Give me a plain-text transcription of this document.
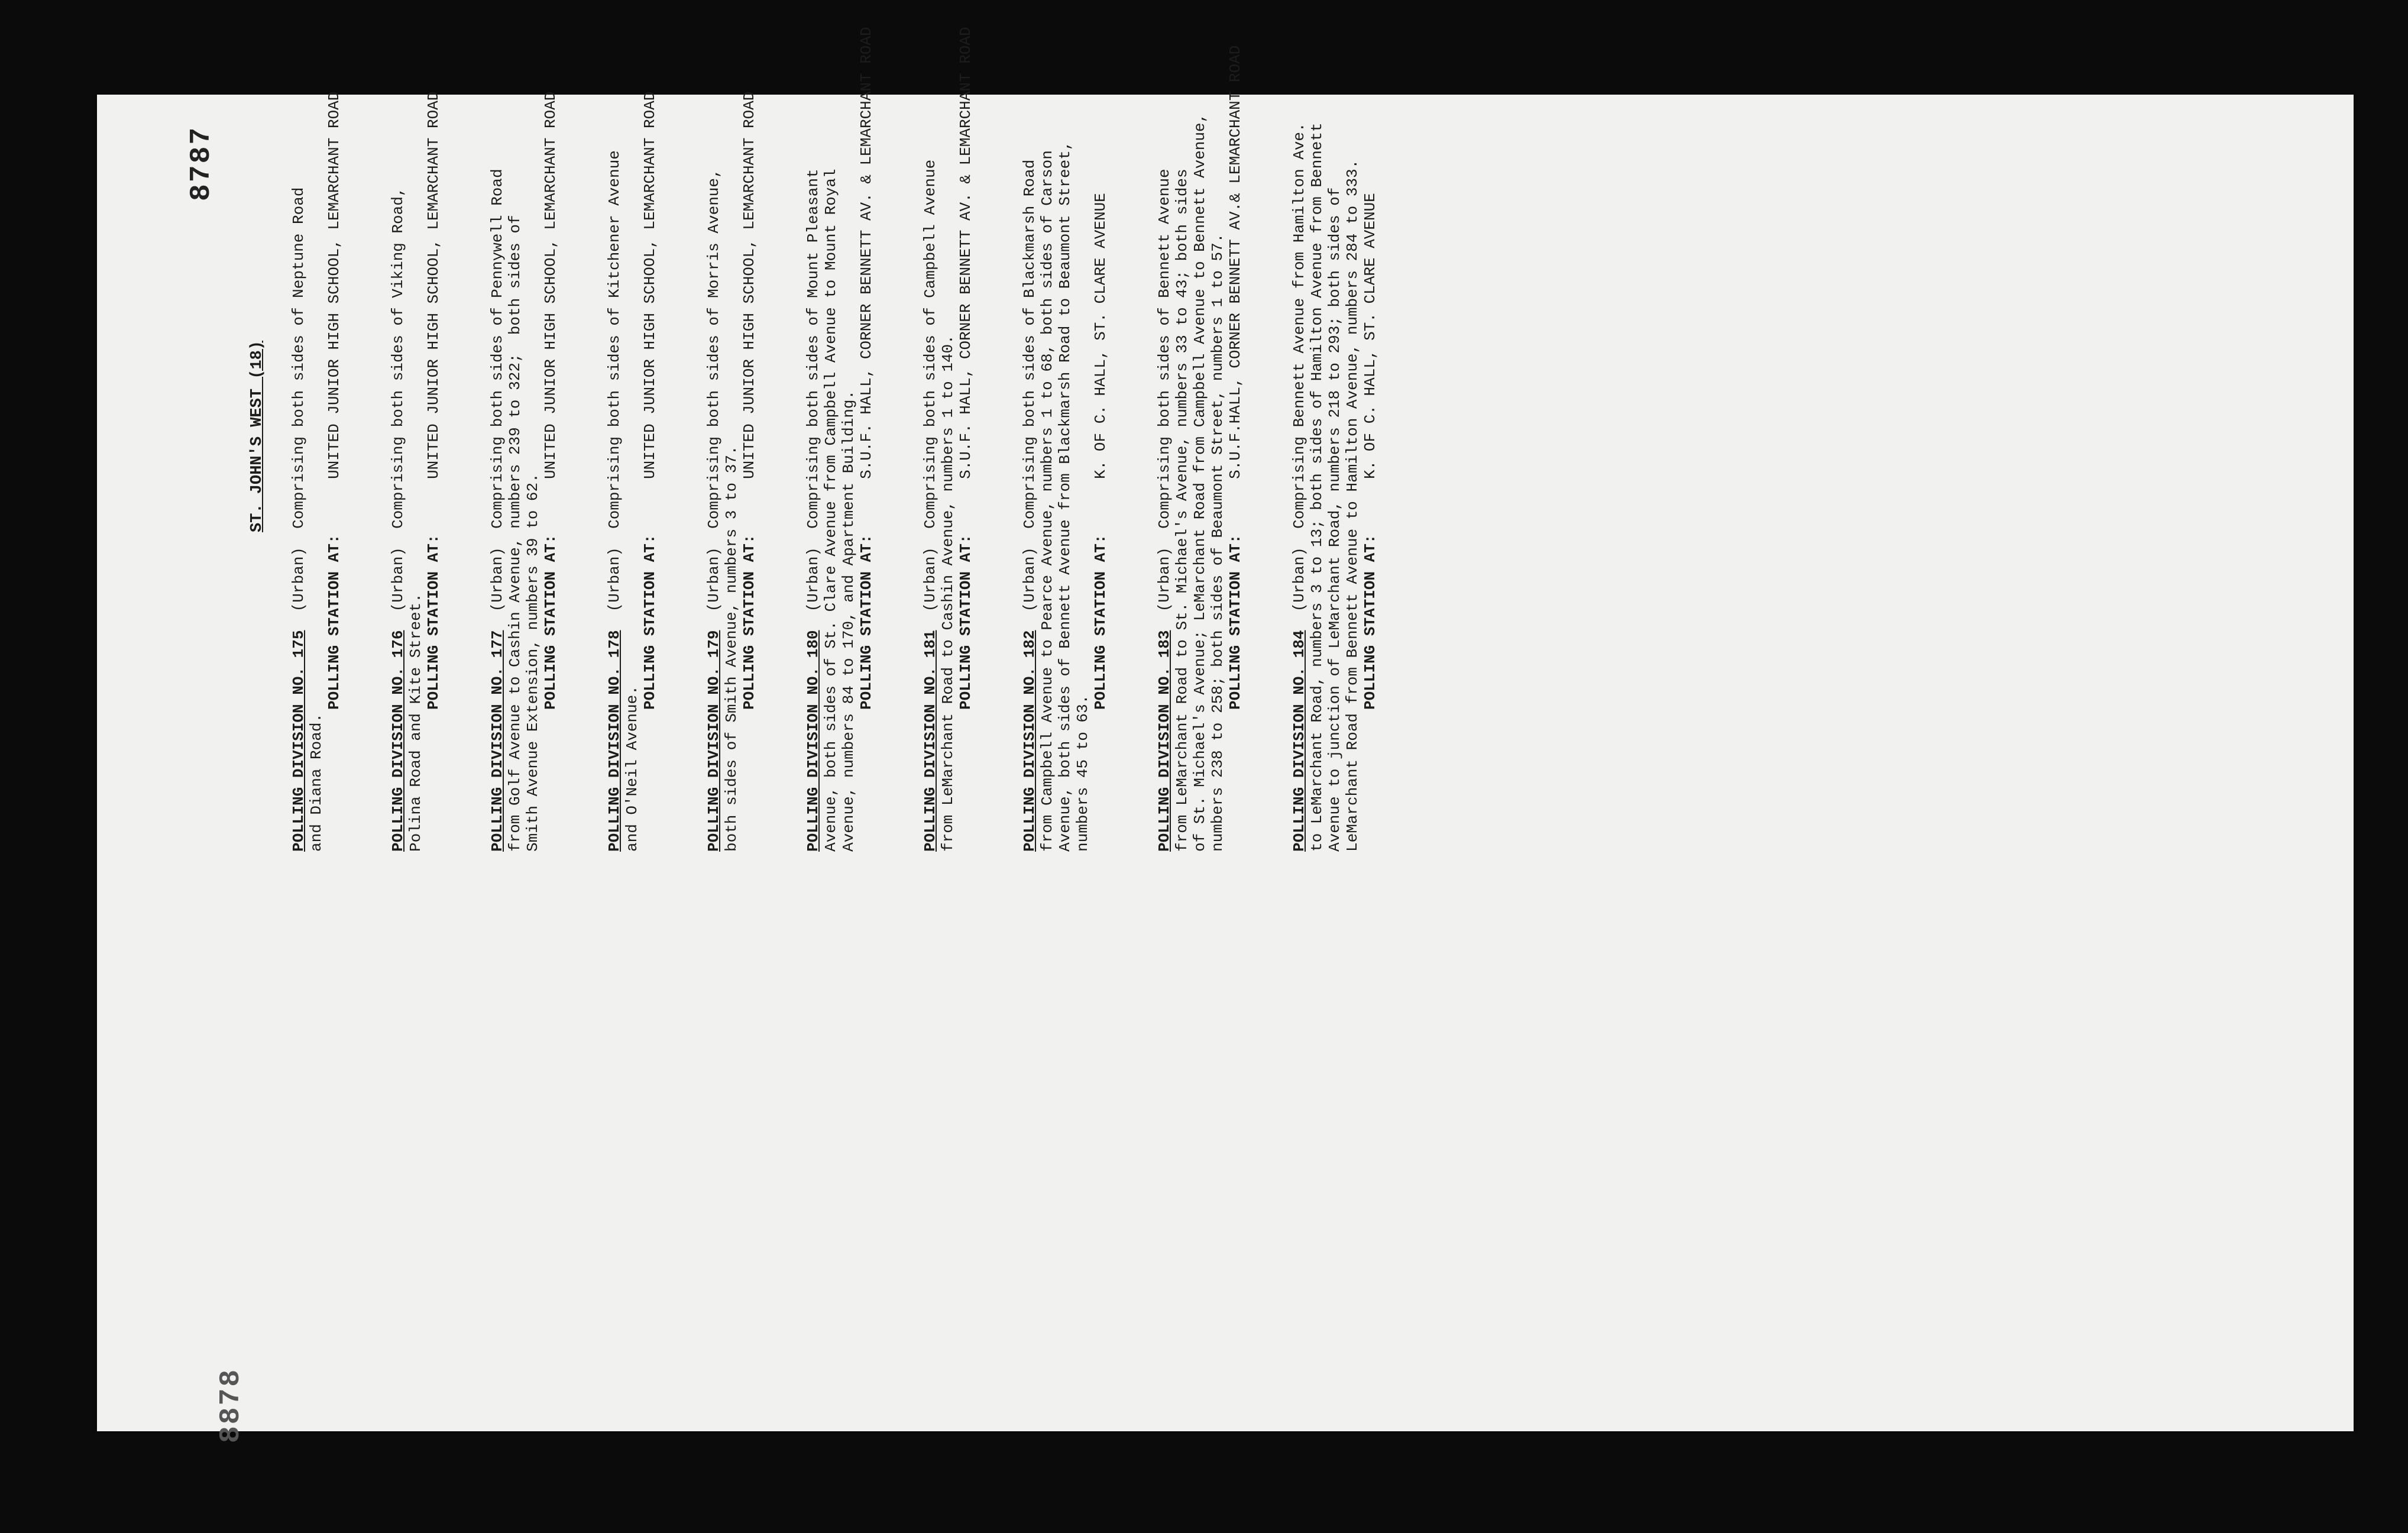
8787
8878
ST. JOHN'S WEST (18)

POLLING DIVISION NO. 175  (Urban)  Comprising both sides of Neptune Road

and Diana Road.

POLLING STATION AT:      UNITED JUNIOR HIGH SCHOOL, LEMARCHANT ROAD

POLLING DIVISION NO. 176  (Urban)  Comprising both sides of Viking Road,

Polina Road and Kite Street. POLLING STATION AT:      UNITED JUNIOR HIGH SCHOOL, LEMARCHANT ROAD

POLLING DIVISION NO. 177  (Urban)  Comprising both sides of Pennywell Road from Golf Avenue to Cashin Avenue, numbers 239 to 322;  both sides of Smith Avenue Extension, numbers 39 to 62. POLLING STATION AT:      UNITED JUNIOR HIGH SCHOOL, LEMARCHANT ROAD

POLLING DIVISION NO. 178  (Urban)  Comprising both sides of Kitchener Avenue

and O'Neil Avenue.

POLLING STATION AT:      UNITED JUNIOR HIGH SCHOOL, LEMARCHANT ROAD

POLLING DIVISION NO. 179  (Urban)  Comprising both sides of Morris Avenue,

both sides of Smith Avenue, numbers 3 to 37. POLLING STATION AT:      UNITED JUNIOR HIGH SCHOOL, LEMARCHANT ROAD

POLLING DIVISION NO. 180  (Urban)  Comprising both sides of Mount Pleasant Avenue, both sides of St. Clare Avenue from Campbell Avenue to Mount Royal Avenue, numbers 84 to 170, and Apartment Building. POLLING STATION AT:      S.U.F. HALL, CORNER BENNETT AV. & LEMARCHANT ROAD

POLLING DIVISION NO. 181  (Urban)  Comprising both sides of Campbell Avenue from LeMarchant Road to Cashin Avenue, numbers 1 to 140. POLLING STATION AT:      S.U.F. HALL, CORNER BENNETT AV. & LEMARCHANT ROAD

POLLING DIVISION NO. 182  (Urban)  Comprising both sides of Blackmarsh Road from Campbell Avenue to Pearce Avenue, numbers 1 to 68, both sides of Carson Avenue, both sides of Bennett Avenue from Blackmarsh Road to Beaumont Street, numbers 45 to 63.

POLLING STATION AT:      K. OF C. HALL, ST. CLARE AVENUE

POLLING DIVISION NO. 183  (Urban)  Comprising both sides of Bennett Avenue from LeMarchant Road to St. Michael's Avenue, numbers 33 to 43; both sides of St. Michael's Avenue; LeMarchant Road from Campbell Avenue to Bennett Avenue, numbers 238 to 258; both sides of Beaumont Street, numbers 1 to 57. POLLING STATION AT:      S.U.F.HALL, CORNER BENNETT AV.& LEMARCHANT ROAD

POLLING DIVISION NO. 184  (Urban)  Comprising Bennett Avenue from Hamilton Ave. to LeMarchant Road, numbers 3 to 13; both sides of Hamilton Avenue from Bennett Avenue to junction of LeMarchant Road, numbers 218 to 293; both sides of LeMarchant Road from Bennett Avenue to Hamilton Avenue, numbers 284 to 333. POLLING STATION AT:      K. OF C. HALL, ST. CLARE AVENUE
